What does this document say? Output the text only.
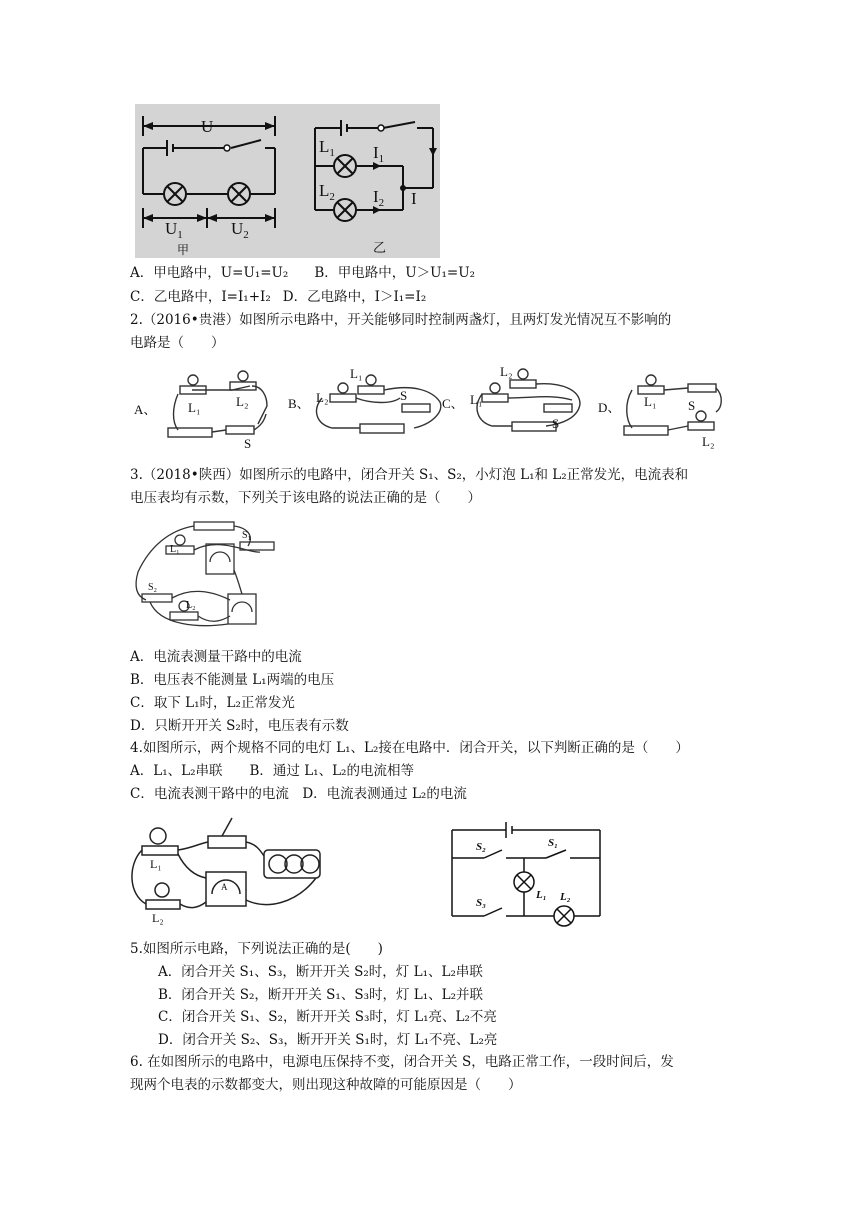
U
$U_1$	$U_2$
甲
$L_1$
$L_2$
$I_1$
$I_2$ I
乙
A．甲电路中，U=U₁=U₂ B．甲电路中，U＞U₁=U₂
C．乙电路中，I=I₁+I₂ D．乙电路中，I＞I₁=I₂
2.（2016•贵港）如图所示电路中，开关能够同时控制两盏灯，且两灯发光情况互不影响的
电路是（　　）
A、 L₁	L₂
S
B、 L₂
L₁
S
C、 L₁
L₂
S
D、 L₁ S
L₂
3.（2018•陕西）如图所示的电路中，闭合开关 S₁、S₂，小灯泡 L₁和 L₂正常发光，电流表和
电压表均有示数，下列关于该电路的说法正确的是（　　）
S₁
L₁
S₂
L₂
A．电流表测量干路中的电流
B．电压表不能测量 L₁两端的电压
C．取下 L₁时，L₂正常发光
D．只断开开关 S₂时，电压表有示数
4.如图所示，两个规格不同的电灯 L₁、L₂接在电路中．闭合开关，以下判断正确的是（　　）
A．L₁、L₂串联　　B．通过 L₁、L₂的电流相等
C．电流表测干路中的电流　D．电流表测通过 L₂的电流
L₁
L₂
A
S₂	S₁
L₁ L₂
S₃
5.如图所示电路，下列说法正确的是(　　)
A．闭合开关 S₁、S₃，断开开关 S₂时，灯 L₁、L₂串联
B．闭合开关 S₂，断开开关 S₁、S₃时，灯 L₁、L₂并联
C．闭合开关 S₁、S₂，断开开关 S₃时，灯 L₁亮、L₂不亮
D．闭合开关 S₂、S₃，断开开关 S₁时，灯 L₁不亮、L₂亮
6. 在如图所示的电路中，电源电压保持不变，闭合开关 S，电路正常工作，一段时间后，发
现两个电表的示数都变大，则出现这种故障的可能原因是（　　）
